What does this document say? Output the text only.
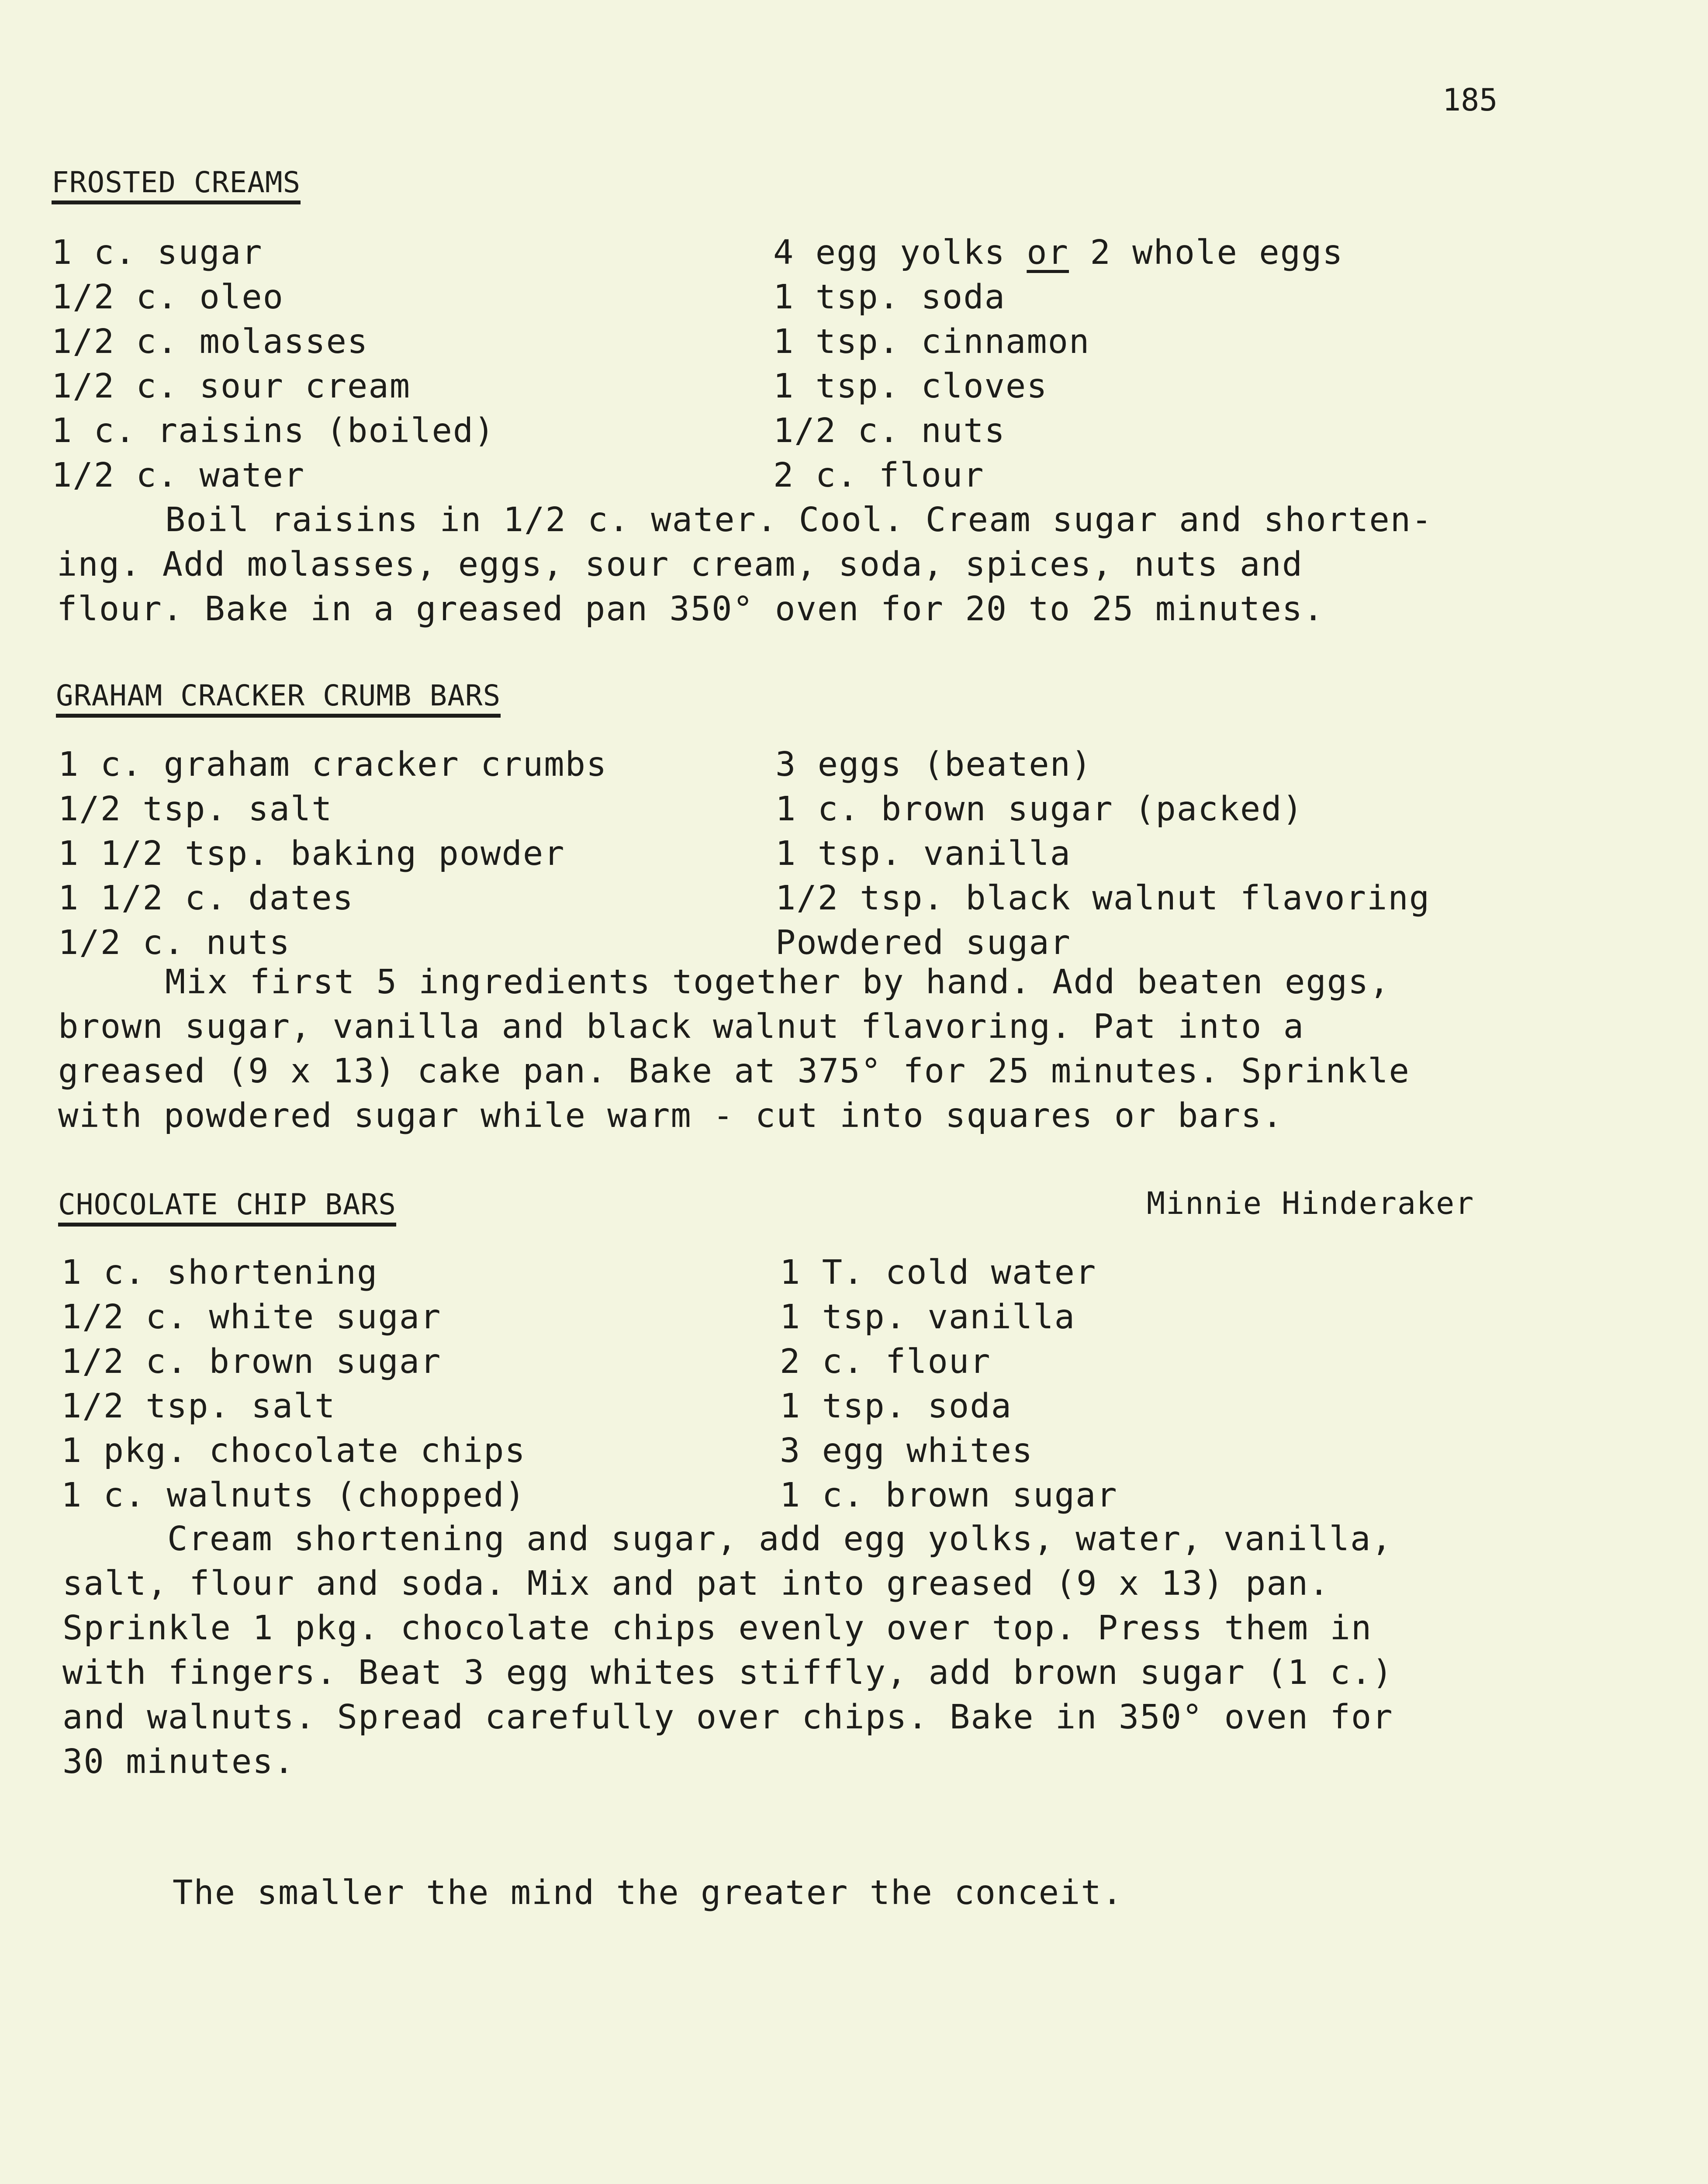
185
FROSTED CREAMS
1 c. sugar
1/2 c. oleo
1/2 c. molasses
1/2 c. sour cream
1 c. raisins (boiled)
1/2 c. water
4 egg yolks or 2 whole eggs
1 tsp. soda
1 tsp. cinnamon
1 tsp. cloves
1/2 c. nuts
2 c. flour
Boil raisins in 1/2 c. water. Cool. Cream sugar and shorten-
ing. Add molasses, eggs, sour cream, soda, spices, nuts and
flour. Bake in a greased pan 350° oven for 20 to 25 minutes.
GRAHAM CRACKER CRUMB BARS
1 c. graham cracker crumbs
1/2 tsp. salt
1 1/2 tsp. baking powder
1 1/2 c. dates
1/2 c. nuts
3 eggs (beaten)
1 c. brown sugar (packed)
1 tsp. vanilla
1/2 tsp. black walnut flavoring
Powdered sugar
Mix first 5 ingredients together by hand. Add beaten eggs,
brown sugar, vanilla and black walnut flavoring. Pat into a
greased (9 x 13) cake pan. Bake at 375° for 25 minutes. Sprinkle
with powdered sugar while warm - cut into squares or bars.
CHOCOLATE CHIP BARS	Minnie Hinderaker
1 c. shortening
1/2 c. white sugar
1/2 c. brown sugar
1/2 tsp. salt
1 pkg. chocolate chips
1 c. walnuts (chopped)
1 T. cold water
1 tsp. vanilla
2 c. flour
1 tsp. soda
3 egg whites
1 c. brown sugar
Cream shortening and sugar, add egg yolks, water, vanilla,
salt, flour and soda. Mix and pat into greased (9 x 13) pan.
Sprinkle 1 pkg. chocolate chips evenly over top. Press them in
with fingers. Beat 3 egg whites stiffly, add brown sugar (1 c.)
and walnuts. Spread carefully over chips. Bake in 350° oven for
30 minutes.
The smaller the mind the greater the conceit.
